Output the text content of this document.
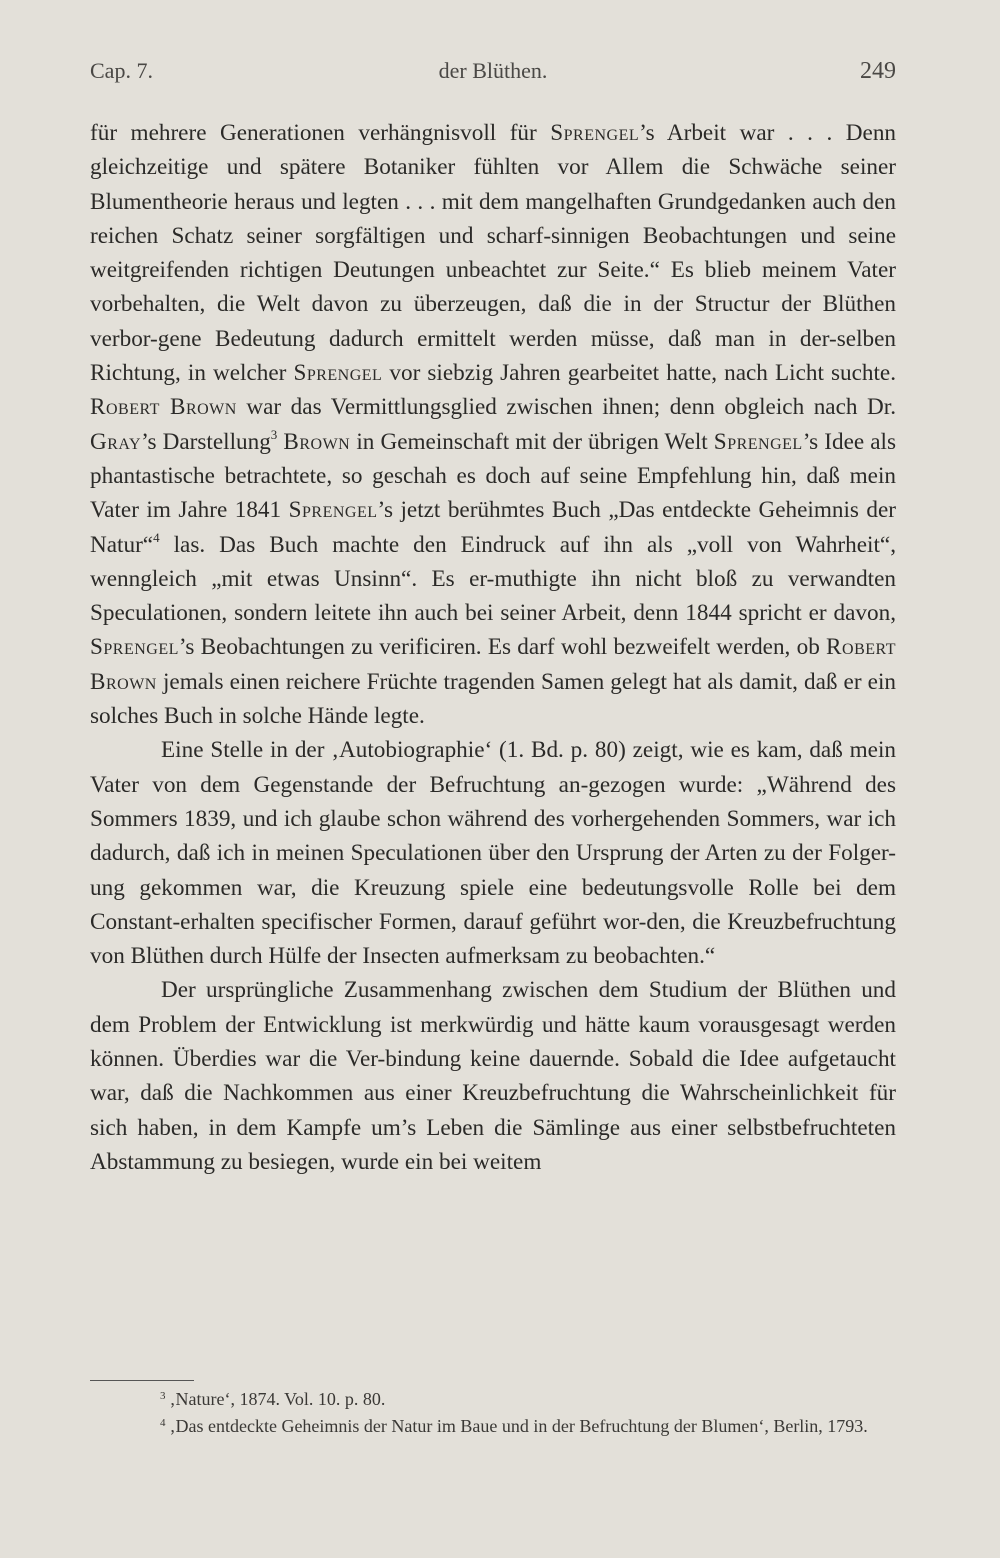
Cap. 7.	der Blüthen.	249

für mehrere Generationen verhängnisvoll für Sprengel’s Arbeit war . . . Denn gleichzeitige und spätere Botaniker fühlten vor Allem die Schwäche seiner Blumentheorie heraus und legten . . . mit dem mangelhaften Grundgedanken auch den reichen Schatz seiner sorgfältigen und scharf-sinnigen Beobachtungen und seine weitgreifenden richtigen Deutungen unbeachtet zur Seite.“ Es blieb meinem Vater vorbehalten, die Welt davon zu überzeugen, daß die in der Structur der Blüthen verbor-gene Bedeutung dadurch ermittelt werden müsse, daß man in der-selben Richtung, in welcher Sprengel vor siebzig Jahren gearbeitet hatte, nach Licht suchte. Robert Brown war das Vermittlungsglied zwischen ihnen; denn obgleich nach Dr. Gray’s Darstellung$^3$ Brown in Gemeinschaft mit der übrigen Welt Sprengel’s Idee als phantastische betrachtete, so geschah es doch auf seine Empfehlung hin, daß mein Vater im Jahre 1841 Sprengel’s jetzt berühmtes Buch „Das entdeckte Geheimnis der Natur“$^4$ las. Das Buch machte den Eindruck auf ihn als „voll von Wahrheit“, wenngleich „mit etwas Unsinn“. Es er-muthigte ihn nicht bloß zu verwandten Speculationen, sondern leitete ihn auch bei seiner Arbeit, denn 1844 spricht er davon, Sprengel’s Beobachtungen zu verificiren. Es darf wohl bezweifelt werden, ob Robert Brown jemals einen reichere Früchte tragenden Samen gelegt hat als damit, daß er ein solches Buch in solche Hände legte.

Eine Stelle in der ‚Autobiographie‘ (1. Bd. p. 80) zeigt, wie es kam, daß mein Vater von dem Gegenstande der Befruchtung an-gezogen wurde: „Während des Sommers 1839, und ich glaube schon während des vorhergehenden Sommers, war ich dadurch, daß ich in meinen Speculationen über den Ursprung der Arten zu der Folger-ung gekommen war, die Kreuzung spiele eine bedeutungsvolle Rolle bei dem Constant-erhalten specifischer Formen, darauf geführt wor-den, die Kreuzbefruchtung von Blüthen durch Hülfe der Insecten aufmerksam zu beobachten.“

Der ursprüngliche Zusammenhang zwischen dem Studium der Blüthen und dem Problem der Entwicklung ist merkwürdig und hätte kaum vorausgesagt werden können. Überdies war die Ver-bindung keine dauernde. Sobald die Idee aufgetaucht war, daß die Nachkommen aus einer Kreuzbefruchtung die Wahrscheinlichkeit für sich haben, in dem Kampfe um’s Leben die Sämlinge aus einer selbstbefruchteten Abstammung zu besiegen, wurde ein bei weitem

$^3$ ‚Nature‘, 1874. Vol. 10. p. 80.

$^4$ ‚Das entdeckte Geheimnis der Natur im Baue und in der Befruchtung der Blumen‘, Berlin, 1793.
